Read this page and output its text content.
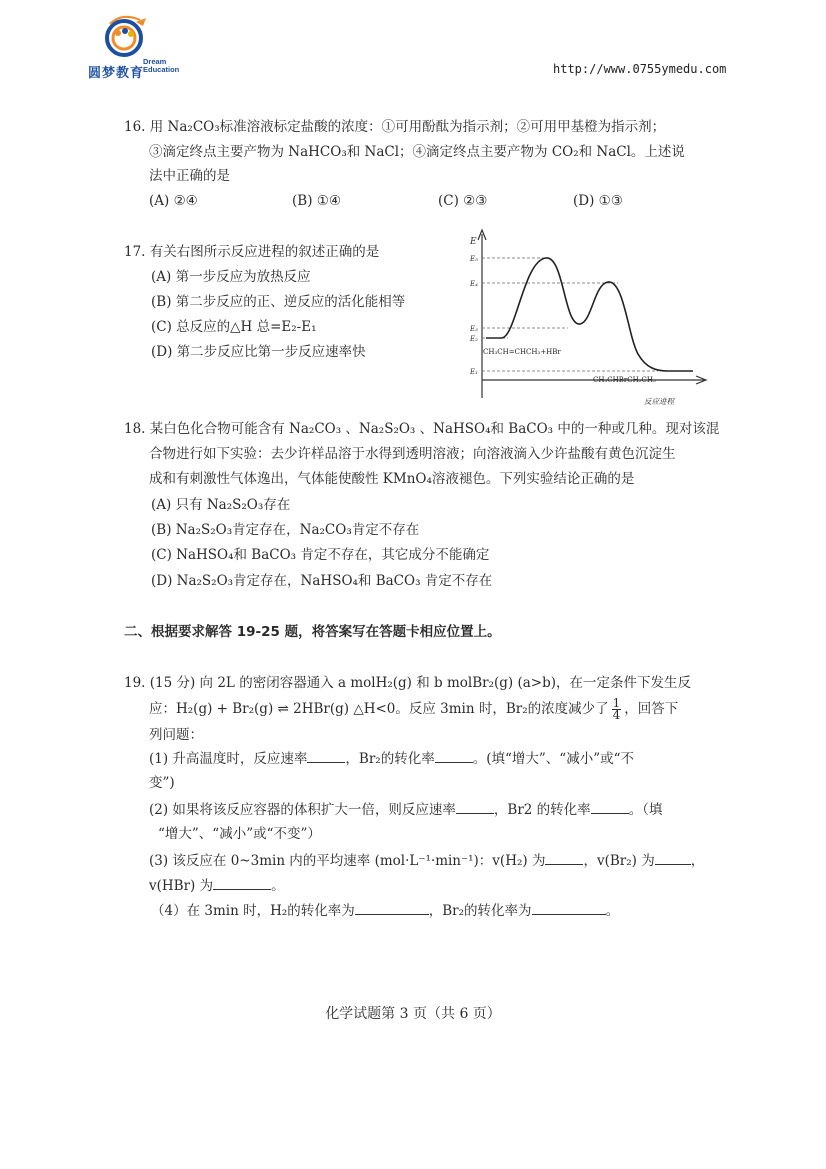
圆梦教育
Dream
Education	http://www.0755ymedu.com
16. 用 Na₂CO₃标准溶液标定盐酸的浓度：①可用酚酞为指示剂；②可用甲基橙为指示剂；
③滴定终点主要产物为 NaHCO₃和 NaCl；④滴定终点主要产物为 CO₂和 NaCl。上述说
法中正确的是
(A) ②④	(B) ①④	(C) ②③	(D) ①③
17. 有关右图所示反应进程的叙述正确的是
(A) 第一步反应为放热反应
(B) 第二步反应的正、逆反应的活化能相等
(C) 总反应的△H 总=E₂-E₁
(D) 第二步反应比第一步反应速率快
E
E₅
E₄
E₃
E₂
E₁
CH₃CH=CHCH₃+HBr
CH₃CHBrCH₂CH₃
反应进程
18. 某白色化合物可能含有 Na₂CO₃ 、Na₂S₂O₃ 、NaHSO₄和 BaCO₃ 中的一种或几种。现对该混
合物进行如下实验：去少许样品溶于水得到透明溶液；向溶液滴入少许盐酸有黄色沉淀生
成和有刺激性气体逸出，气体能使酸性 KMnO₄溶液褪色。下列实验结论正确的是
(A) 只有 Na₂S₂O₃存在
(B) Na₂S₂O₃肯定存在，Na₂CO₃肯定不存在
(C) NaHSO₄和 BaCO₃ 肯定不存在，其它成分不能确定
(D) Na₂S₂O₃肯定存在，NaHSO₄和 BaCO₃ 肯定不存在
二、根据要求解答 19-25 题，将答案写在答题卡相应位置上。
19. (15 分) 向 2L 的密闭容器通入 a molH₂(g) 和 b molBr₂(g) (a>b)，在一定条件下发生反
应：H₂(g) + Br₂(g) ⇌ 2HBr(g) △H<0。反应 3min 时，Br₂的浓度减少了 $\frac{1}{4}$ ，回答下
列问题：
(1) 升高温度时，反应速率	，Br₂的转化率	。(填“增大”、“减小”或“不
变”)
(2) 如果将该反应容器的体积扩大一倍，则反应速率	，Br2 的转化率	。（填
“增大”、“减小”或“不变”）
(3) 该反应在 0~3min 内的平均速率 (mol·L⁻¹·min⁻¹)：v(H₂) 为	，v(Br₂) 为	，
v(HBr) 为	。
（4）在 3min 时，H₂的转化率为	，Br₂的转化率为	。
化学试题第 3 页（共 6 页）
